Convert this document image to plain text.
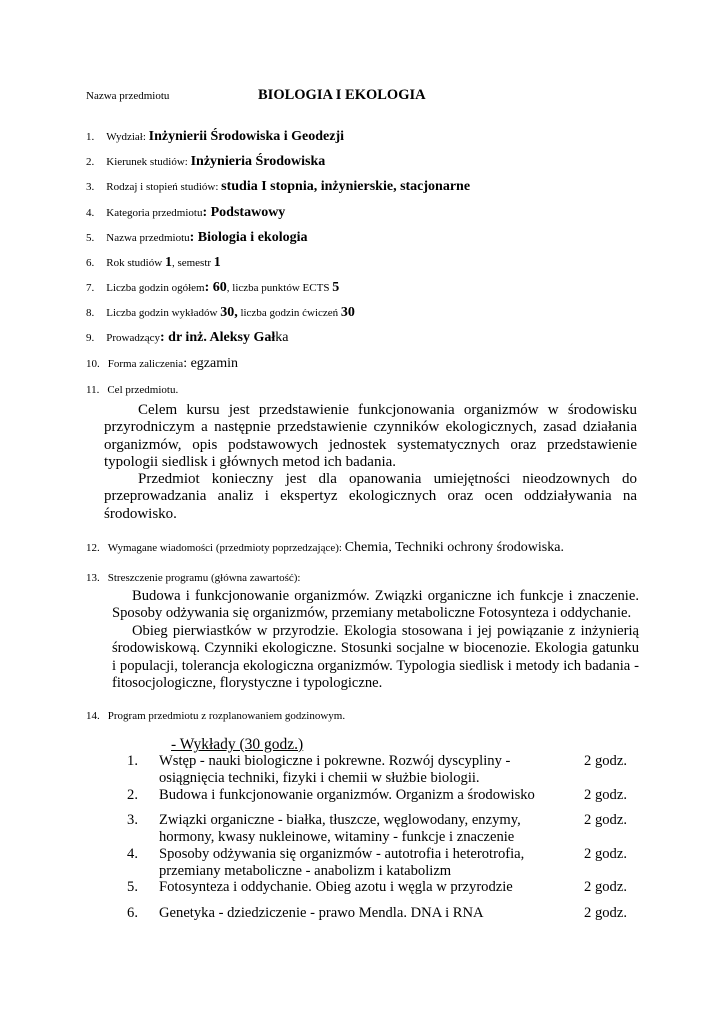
Nazwa przedmiotu	BIOLOGIA I EKOLOGIA
1. Wydział: Inżynierii Środowiska i Geodezji
2. Kierunek studiów: Inżynieria Środowiska
3. Rodzaj i stopień studiów: studia I stopnia, inżynierskie, stacjonarne
4. Kategoria przedmiotu: Podstawowy
5. Nazwa przedmiotu: Biologia i ekologia
6. Rok studiów 1, semestr 1
7. Liczba godzin ogółem: 60, liczba punktów ECTS 5
8. Liczba godzin wykładów 30, liczba godzin ćwiczeń 30
9. Prowadzący: dr inż. Aleksy Gałka
10. Forma zaliczenia: egzamin
11. Cel przedmiotu.
Celem kursu jest przedstawienie funkcjonowania organizmów w środowisku przyrodniczym a następnie przedstawienie czynników ekologicznych, zasad działania organizmów, opis podstawowych jednostek systematycznych oraz przedstawienie typologii siedlisk i głównych metod ich badania.
Przedmiot konieczny jest dla opanowania umiejętności nieodzownych do przeprowadzania analiz i ekspertyz ekologicznych oraz ocen oddziaływania na środowisko.
12. Wymagane wiadomości (przedmioty poprzedzające): Chemia, Techniki ochrony środowiska.
13. Streszczenie programu (główna zawartość):
Budowa i funkcjonowanie organizmów. Związki organiczne ich funkcje i znaczenie. Sposoby odżywania się organizmów, przemiany metaboliczne Fotosynteza i oddychanie.
Obieg pierwiastków w przyrodzie. Ekologia stosowana i jej powiązanie z inżynierią środowiskową. Czynniki ekologiczne. Stosunki socjalne w biocenozie. Ekologia gatunku i populacji, tolerancja ekologiczna organizmów. Typologia siedlisk i metody ich badania - fitosocjologiczne, florystyczne i typologiczne.
14. Program przedmiotu z rozplanowaniem godzinowym.
- Wykłady (30 godz.)
1. Wstęp - nauki biologiczne i pokrewne. Rozwój dyscypliny -
osiągnięcia techniki, fizyki i chemii w służbie biologii.
2 godz.
2. Budowa i funkcjonowanie organizmów. Organizm a środowisko	2 godz.
3. Związki organiczne - białka, tłuszcze, węglowodany, enzymy,
hormony, kwasy nukleinowe, witaminy - funkcje i znaczenie
2 godz.
4. Sposoby odżywania się organizmów - autotrofia i heterotrofia,
przemiany metaboliczne - anabolizm i katabolizm
2 godz.
5. Fotosynteza i oddychanie. Obieg azotu i węgla w przyrodzie	2 godz.
6. Genetyka - dziedziczenie - prawo Mendla. DNA i RNA	2 godz.
